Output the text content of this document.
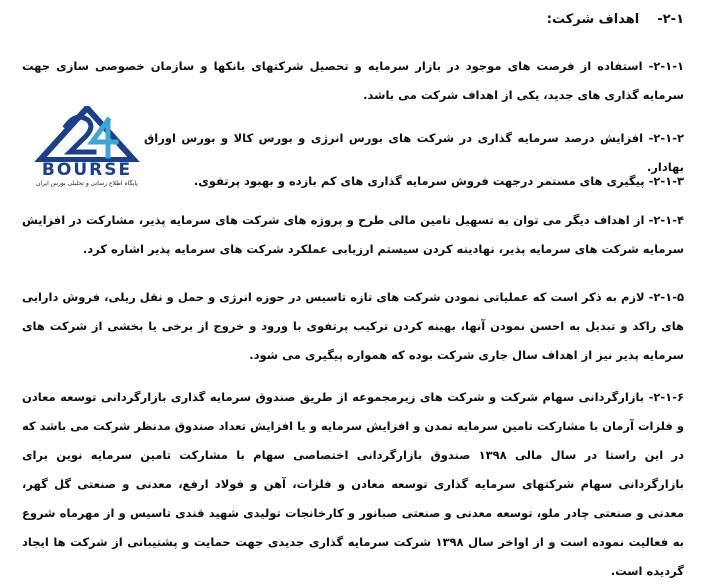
۲-۱-    اهداف شرکت:

۲-۱-۱- استفاده از فرصت های موجود در بازار سرمایه و تحصیل شرکتهای بانکها و سازمان خصوصی سازی جهت سرمایه گذاری های جدید، یکی از اهداف شرکت می باشد.

۲-۱-۲- افزایش درصد سرمایه گذاری در شرکت های بورس انرژی و بورس کالا و بورس اوراق بهادار.

۲-۱-۳- پیگیری های مستمر درجهت فروش سرمایه گذاری های کم بازده و بهبود پرتفوی.

۲-۱-۴- از اهداف دیگر می توان به تسهیل تامین مالی طرح و پروژه های شرکت های سرمایه پذیر، مشارکت در افزایش سرمایه شرکت های سرمایه پذیر، نهادینه کردن سیستم ارزیابی عملکرد شرکت های سرمایه پذیر اشاره کرد.

۲-۱-۵- لازم به ذکر است که عملیاتی نمودن شرکت های تازه تاسیس در حوزه انرژی و حمل و نقل ریلی، فروش دارایی های راکد و تبدیل به احسن نمودن آنها، بهینه کردن ترکیب پرتفوی با ورود و خروج از برخی یا بخشی از شرکت های سرمایه پذیر نیز از اهداف سال جاری شرکت بوده که همواره پیگیری می شود.

۲-۱-۶- بازارگردانی سهام شرکت و شرکت های زیرمجموعه از طریق صندوق سرمایه گذاری بازارگردانی توسعه معادن و فلزات آرمان با مشارکت تامین سرمایه تمدن و افزایش سرمایه و یا افزایش تعداد صندوق مدنظر شرکت می باشد که در این راستا در سال مالی ۱۳۹۸ صندوق بازارگردانی اختصاصی سهام با مشارکت تامین سرمایه نوین برای بازارگردانی سهام شرکتهای سرمایه گذاری توسعه معادن و فلزات، آهن و فولاد ارفع، معدنی و صنعتی گل گهر، معدنی و صنعتی چادر ملو، توسعه معدنی و صنعتی صبانور و کارخانجات تولیدی شهید قندی تاسیس و از مهرماه شروع به فعالیت نموده است و از اواخر سال ۱۳۹۸ شرکت سرمایه گذاری جدیدی جهت حمایت و پشتیبانی از شرکت ها ایجاد گردیده است.

BOURSE
پایگاه اطلاع رسانی و تحلیلی بورس ایران
